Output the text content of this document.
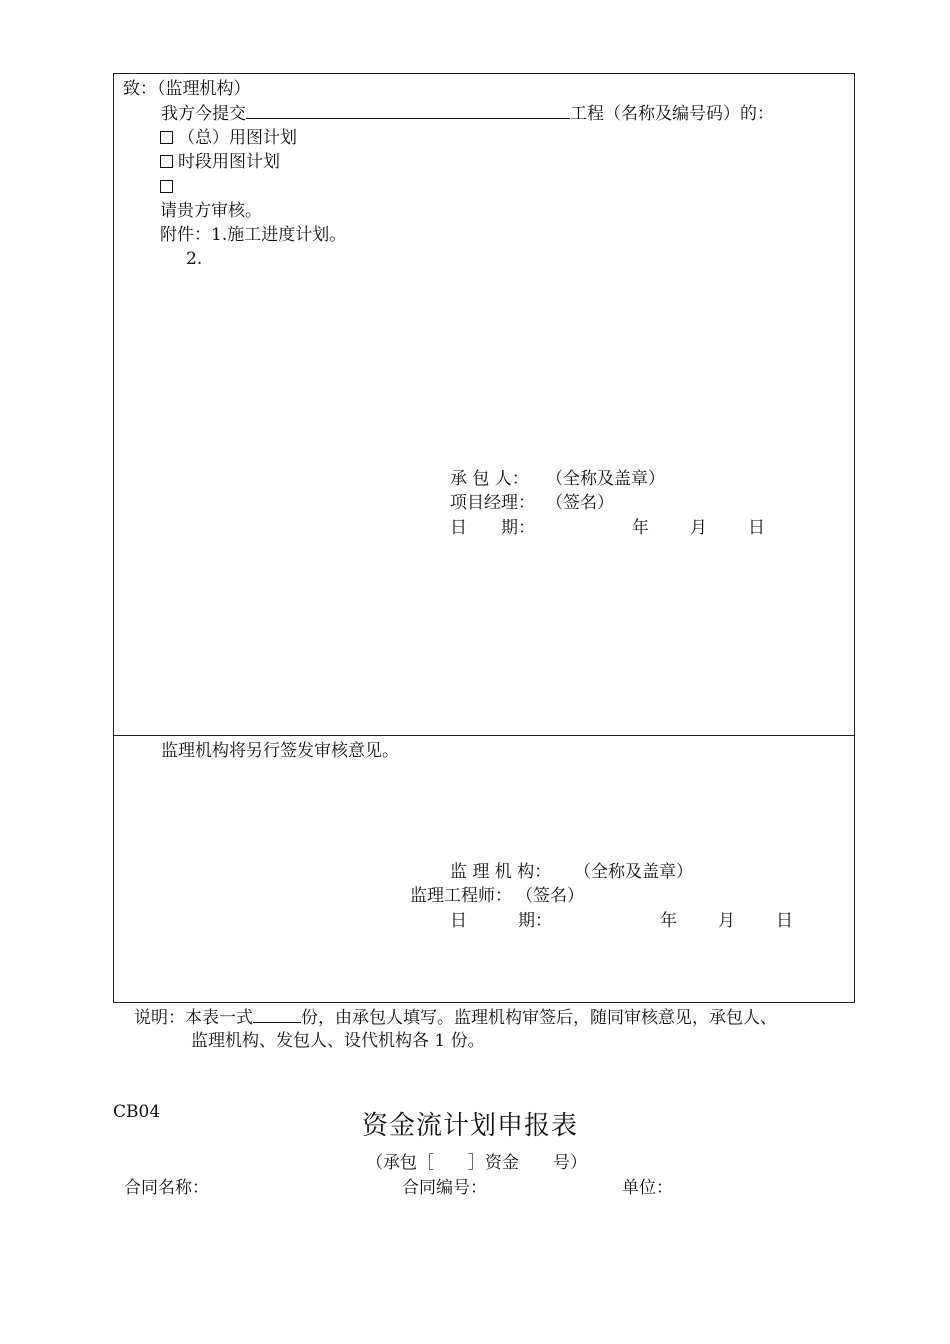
致：（监理机构）
我方今提交	工程（名称及编号码）的：
（总）用图计划
时段用图计划
请贵方审核。
附件：1.施工进度计划。
2.
承 包 人： （全称及盖章）
项目经理： （签名）
日　　期：	年 月 日
监理机构将另行签发审核意见。
监 理 机 构： （全称及盖章）
监理工程师： （签名）
日　　　期：	年 月 日
说明：本表一式	份，由承包人填写。监理机构审签后，随同审核意见，承包人、
监理机构、发包人、设代机构各 1 份。
CB04	资金流计划申报表
（承包［　　］资金　　号）
合同名称：	合同编号：	单位：
